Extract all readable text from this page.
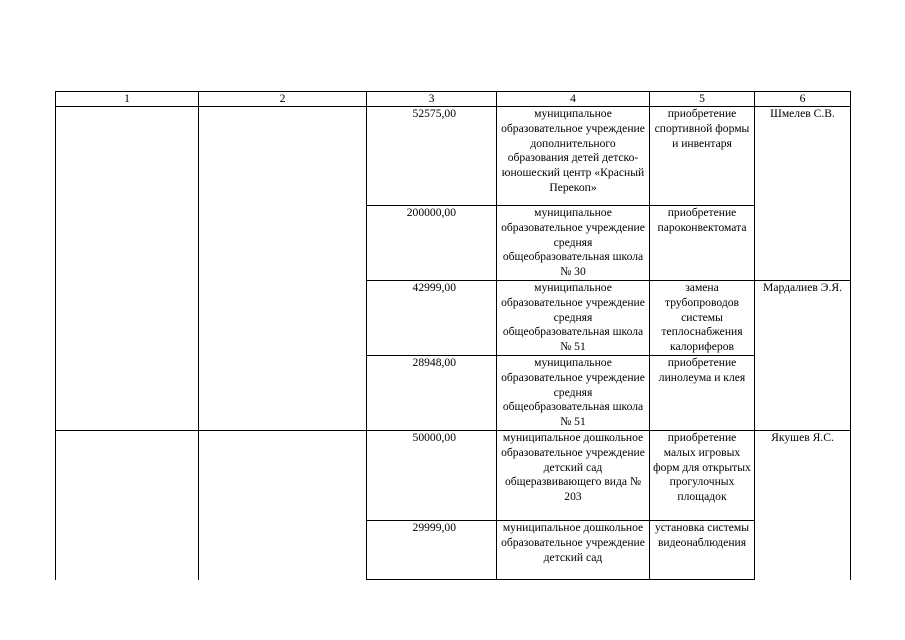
1	2	3	4	5	6
		52575,00	муниципальное образовательное учреждение дополнительного образования детей детско-юношеский центр «Красный Перекоп»	приобретение спортивной формы и инвентаря	Шмелев С.В.

		200000,00	муниципальное образовательное учреждение средняя общеобразовательная школа № 30	приобретение пароконвектомата	

		42999,00	муниципальное образовательное учреждение средняя общеобразовательная школа № 51	замена трубопроводов системы теплоснабжения калориферов	Мардалиев Э.Я.

		28948,00	муниципальное образовательное учреждение средняя общеобразовательная школа № 51	приобретение линолеума и клея	

		50000,00	муниципальное дошкольное образовательное учреждение детский сад общеразвивающего вида № 203	приобретение малых игровых форм для открытых прогулочных площадок	Якушев Я.С.

		29999,00	муниципальное дошкольное образовательное учреждение детский сад	установка системы видеонаблюдения	
